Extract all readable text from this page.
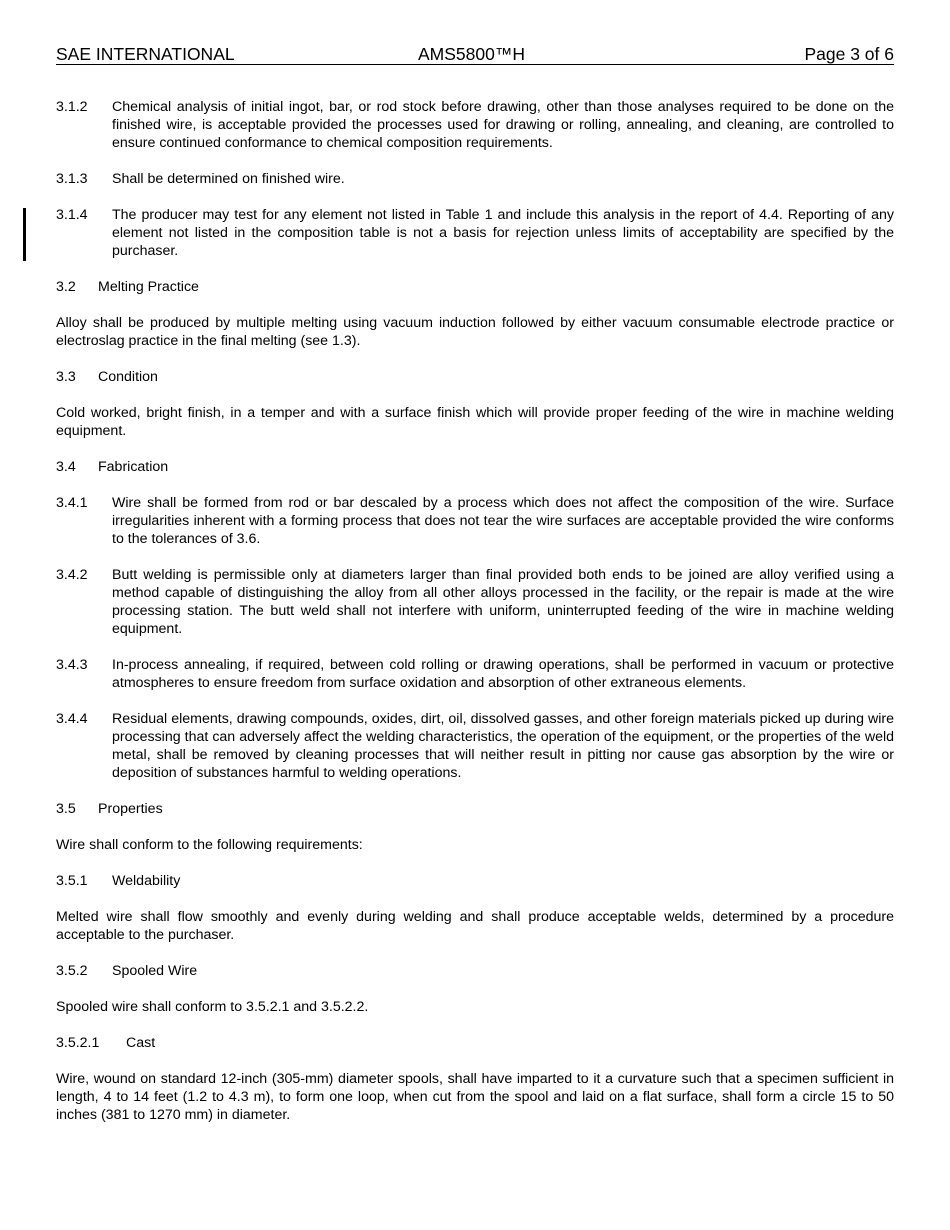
SAE INTERNATIONAL	AMS5800™H	Page 3 of 6
3.1.2 Chemical analysis of initial ingot, bar, or rod stock before drawing, other than those analyses required to be done on the finished wire, is acceptable provided the processes used for drawing or rolling, annealing, and cleaning, are controlled to ensure continued conformance to chemical composition requirements.
3.1.3 Shall be determined on finished wire.
3.1.4 The producer may test for any element not listed in Table 1 and include this analysis in the report of 4.4. Reporting of any element not listed in the composition table is not a basis for rejection unless limits of acceptability are specified by the purchaser.
3.2 Melting Practice
Alloy shall be produced by multiple melting using vacuum induction followed by either vacuum consumable electrode practice or electroslag practice in the final melting (see 1.3).
3.3 Condition
Cold worked, bright finish, in a temper and with a surface finish which will provide proper feeding of the wire in machine welding equipment.
3.4 Fabrication
3.4.1 Wire shall be formed from rod or bar descaled by a process which does not affect the composition of the wire. Surface irregularities inherent with a forming process that does not tear the wire surfaces are acceptable provided the wire conforms to the tolerances of 3.6.
3.4.2 Butt welding is permissible only at diameters larger than final provided both ends to be joined are alloy verified using a method capable of distinguishing the alloy from all other alloys processed in the facility, or the repair is made at the wire processing station. The butt weld shall not interfere with uniform, uninterrupted feeding of the wire in machine welding equipment.
3.4.3 In-process annealing, if required, between cold rolling or drawing operations, shall be performed in vacuum or protective atmospheres to ensure freedom from surface oxidation and absorption of other extraneous elements.
3.4.4 Residual elements, drawing compounds, oxides, dirt, oil, dissolved gasses, and other foreign materials picked up during wire processing that can adversely affect the welding characteristics, the operation of the equipment, or the properties of the weld metal, shall be removed by cleaning processes that will neither result in pitting nor cause gas absorption by the wire or deposition of substances harmful to welding operations.
3.5 Properties
Wire shall conform to the following requirements:
3.5.1 Weldability
Melted wire shall flow smoothly and evenly during welding and shall produce acceptable welds, determined by a procedure acceptable to the purchaser.
3.5.2 Spooled Wire
Spooled wire shall conform to 3.5.2.1 and 3.5.2.2.
3.5.2.1 Cast
Wire, wound on standard 12-inch (305-mm) diameter spools, shall have imparted to it a curvature such that a specimen sufficient in length, 4 to 14 feet (1.2 to 4.3 m), to form one loop, when cut from the spool and laid on a flat surface, shall form a circle 15 to 50 inches (381 to 1270 mm) in diameter.
